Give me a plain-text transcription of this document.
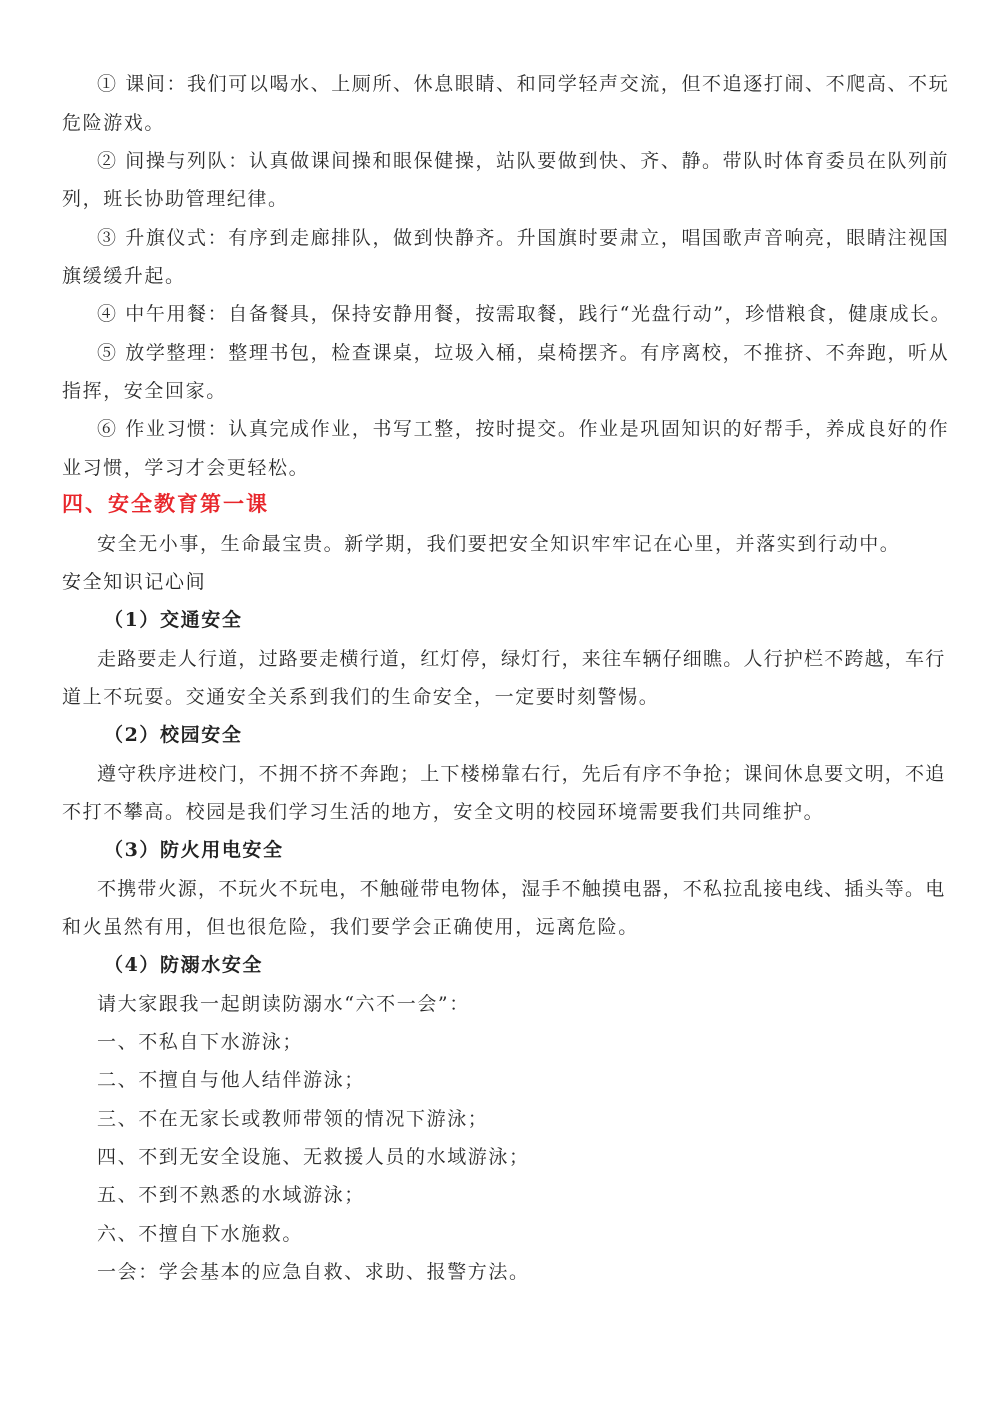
① 课间：我们可以喝水、上厕所、休息眼睛、和同学轻声交流，但不追逐打闹、不爬高、不玩
危险游戏。
② 间操与列队：认真做课间操和眼保健操，站队要做到快、齐、静。带队时体育委员在队列前
列，班长协助管理纪律。
③ 升旗仪式：有序到走廊排队，做到快静齐。升国旗时要肃立，唱国歌声音响亮，眼睛注视国
旗缓缓升起。
④ 中午用餐：自备餐具，保持安静用餐，按需取餐，践行“光盘行动”，珍惜粮食，健康成长。
⑤ 放学整理：整理书包，检查课桌，垃圾入桶，桌椅摆齐。有序离校，不推挤、不奔跑，听从
指挥，安全回家。
⑥ 作业习惯：认真完成作业，书写工整，按时提交。作业是巩固知识的好帮手，养成良好的作
业习惯，学习才会更轻松。
四、安全教育第一课
安全无小事，生命最宝贵。新学期，我们要把安全知识牢牢记在心里，并落实到行动中。
安全知识记心间
（1）交通安全
走路要走人行道，过路要走横行道，红灯停，绿灯行，来往车辆仔细瞧。人行护栏不跨越，车行
道上不玩耍。交通安全关系到我们的生命安全，一定要时刻警惕。
（2）校园安全
遵守秩序进校门，不拥不挤不奔跑；上下楼梯靠右行，先后有序不争抢；课间休息要文明，不追
不打不攀高。校园是我们学习生活的地方，安全文明的校园环境需要我们共同维护。
（3）防火用电安全
不携带火源，不玩火不玩电，不触碰带电物体，湿手不触摸电器，不私拉乱接电线、插头等。电
和火虽然有用，但也很危险，我们要学会正确使用，远离危险。
（4）防溺水安全
请大家跟我一起朗读防溺水“六不一会”：
一、不私自下水游泳；
二、不擅自与他人结伴游泳；
三、不在无家长或教师带领的情况下游泳；
四、不到无安全设施、无救援人员的水域游泳；
五、不到不熟悉的水域游泳；
六、不擅自下水施救。
一会：学会基本的应急自救、求助、报警方法。
